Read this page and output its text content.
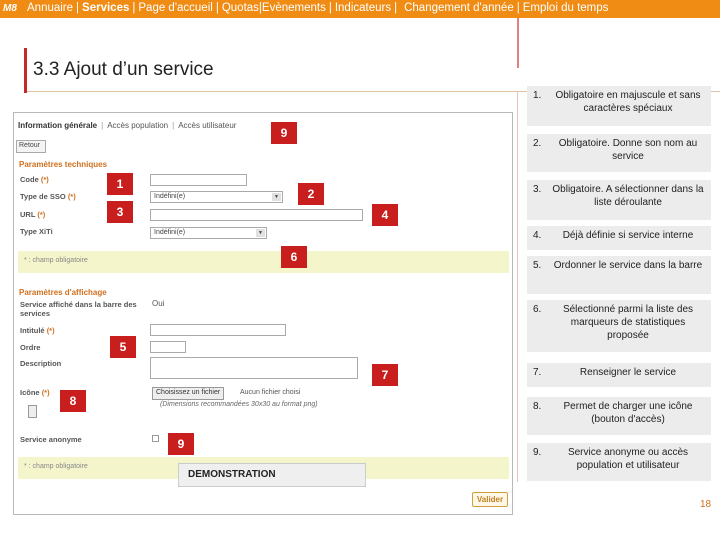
M8 Annuaire | Services | Page d'accueil | Quotas | Evènements | Indicateurs | Changement d'année | Emploi du temps
3.3 Ajout d’un service
Information générale | Accès population | Accès utilisateur
Retour
Paramètres techniques
Code (*)
Type de SSO (*)	Indéfini(e)	▼
URL (*)
Type XiTi	Indéfini(e)	▼
* : champ obligatoire
Paramètres d'affichage
Service affiché dans la barre des services
Oui
Intitulé (*)
Ordre
Description
Icône (*)	Choisissez un fichier	Aucun fichier choisi
(Dimensions recommandées 30x30 au format png)
Service anonyme
* : champ obligatoire
DEMONSTRATION
Valider
9
1
2
3	4
6
5
7
8
9
1.	Obligatoire en majuscule et sans caractères spéciaux
2.	Obligatoire. Donne son nom au service
3.	Obligatoire. A sélectionner dans la liste déroulante
4.	Déjà définie si service interne
5.	Ordonner le service dans la barre
6.	Sélectionné parmi la liste des marqueurs de statistiques proposée
7.	Renseigner le service
8.	Permet de charger une icône (bouton d'accès)
9.	Service anonyme ou accès population et utilisateur
18
